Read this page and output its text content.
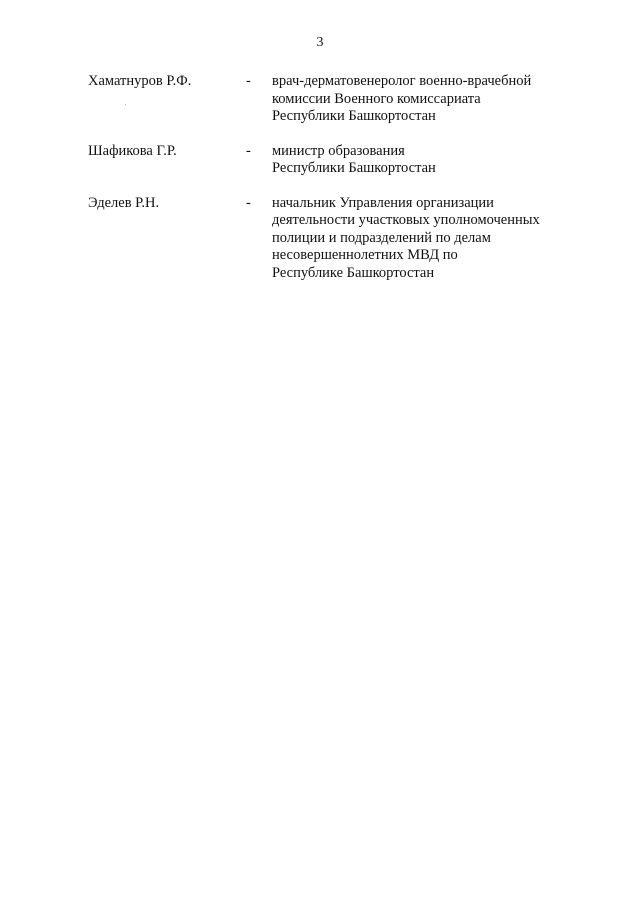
3
Хаматнуров Р.Ф.	- врач-дерматовенеролог военно-врачебной
комиссии Военного комиссариата
Республики Башкортостан
Шафикова Г.Р.	- министр образования
Республики Башкортостан
Эделев Р.Н.	- начальник Управления организации
деятельности участковых уполномоченных
полиции и подразделений по делам
несовершеннолетних МВД по
Республике Башкортостан
